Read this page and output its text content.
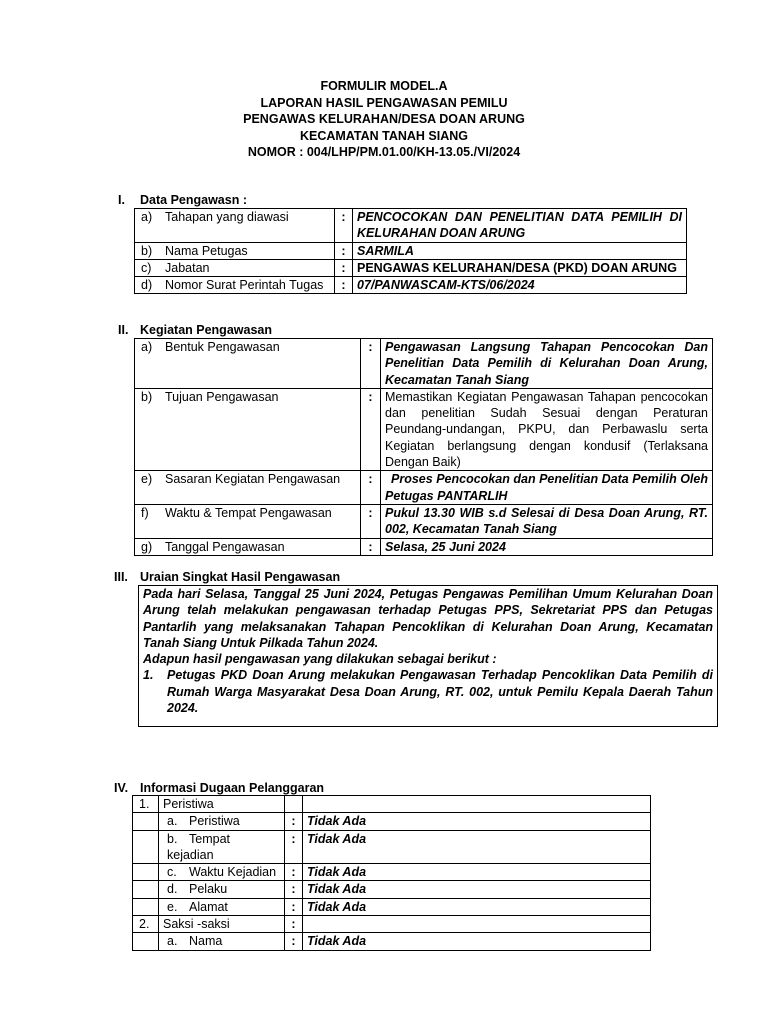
FORMULIR MODEL.A
LAPORAN HASIL PENGAWASAN PEMILU
PENGAWAS KELURAHAN/DESA DOAN ARUNG
KECAMATAN TANAH SIANG
NOMOR : 004/LHP/PM.01.00/KH-13.05./VI/2024
I. Data Pengawasn :
a) Tahapan yang diawasi	:	PENCOCOKAN DAN PENELITIAN DATA PEMILIH DI KELURAHAN DOAN ARUNG
b) Nama Petugas	:	SARMILA
c) Jabatan	:	PENGAWAS KELURAHAN/DESA (PKD) DOAN ARUNG
d) Nomor Surat Perintah Tugas	:	07/PANWASCAM-KTS/06/2024
II. Kegiatan Pengawasan
a) Bentuk Pengawasan	:	Pengawasan Langsung Tahapan Pencocokan Dan Penelitian Data Pemilih di Kelurahan Doan Arung, Kecamatan Tanah Siang
b) Tujuan Pengawasan	:	Memastikan Kegiatan Pengawasan Tahapan pencocokan dan penelitian Sudah Sesuai dengan Peraturan Peundang-undangan, PKPU, dan Perbawaslu serta Kegiatan berlangsung dengan kondusif (Terlaksana Dengan Baik)
e) Sasaran Kegiatan Pengawasan	:	Proses Pencocokan dan Penelitian Data Pemilih Oleh Petugas PANTARLIH
f) Waktu & Tempat Pengawasan	:	Pukul 13.30 WIB s.d Selesai di Desa Doan Arung, RT. 002, Kecamatan Tanah Siang
g) Tanggal Pengawasan	:	Selasa, 25 Juni 2024
III. Uraian Singkat Hasil Pengawasan

Pada hari Selasa, Tanggal 25 Juni 2024, Petugas Pengawas Pemilihan Umum Kelurahan Doan Arung telah melakukan pengawasan terhadap Petugas PPS, Sekretariat PPS dan Petugas Pantarlih yang melaksanakan Tahapan Pencoklikan di Kelurahan Doan Arung, Kecamatan Tanah Siang Untuk Pilkada Tahun 2024.

Adapun hasil pengawasan yang dilakukan sebagai berikut :

1.	Petugas PKD Doan Arung melakukan Pengawasan Terhadap Pencoklikan Data Pemilih di Rumah Warga Masyarakat Desa Doan Arung, RT. 002, untuk Pemilu Kepala Daerah Tahun 2024.
IV. Informasi Dugaan Pelanggaran
1.	Peristiwa		
	a. Peristiwa	:	Tidak Ada
	b. Tempat kejadian	:	Tidak Ada
	c. Waktu Kejadian	:	Tidak Ada
	d. Pelaku	:	Tidak Ada
	e. Alamat	:	Tidak Ada
2.	Saksi -saksi	:	
	a. Nama	:	Tidak Ada
